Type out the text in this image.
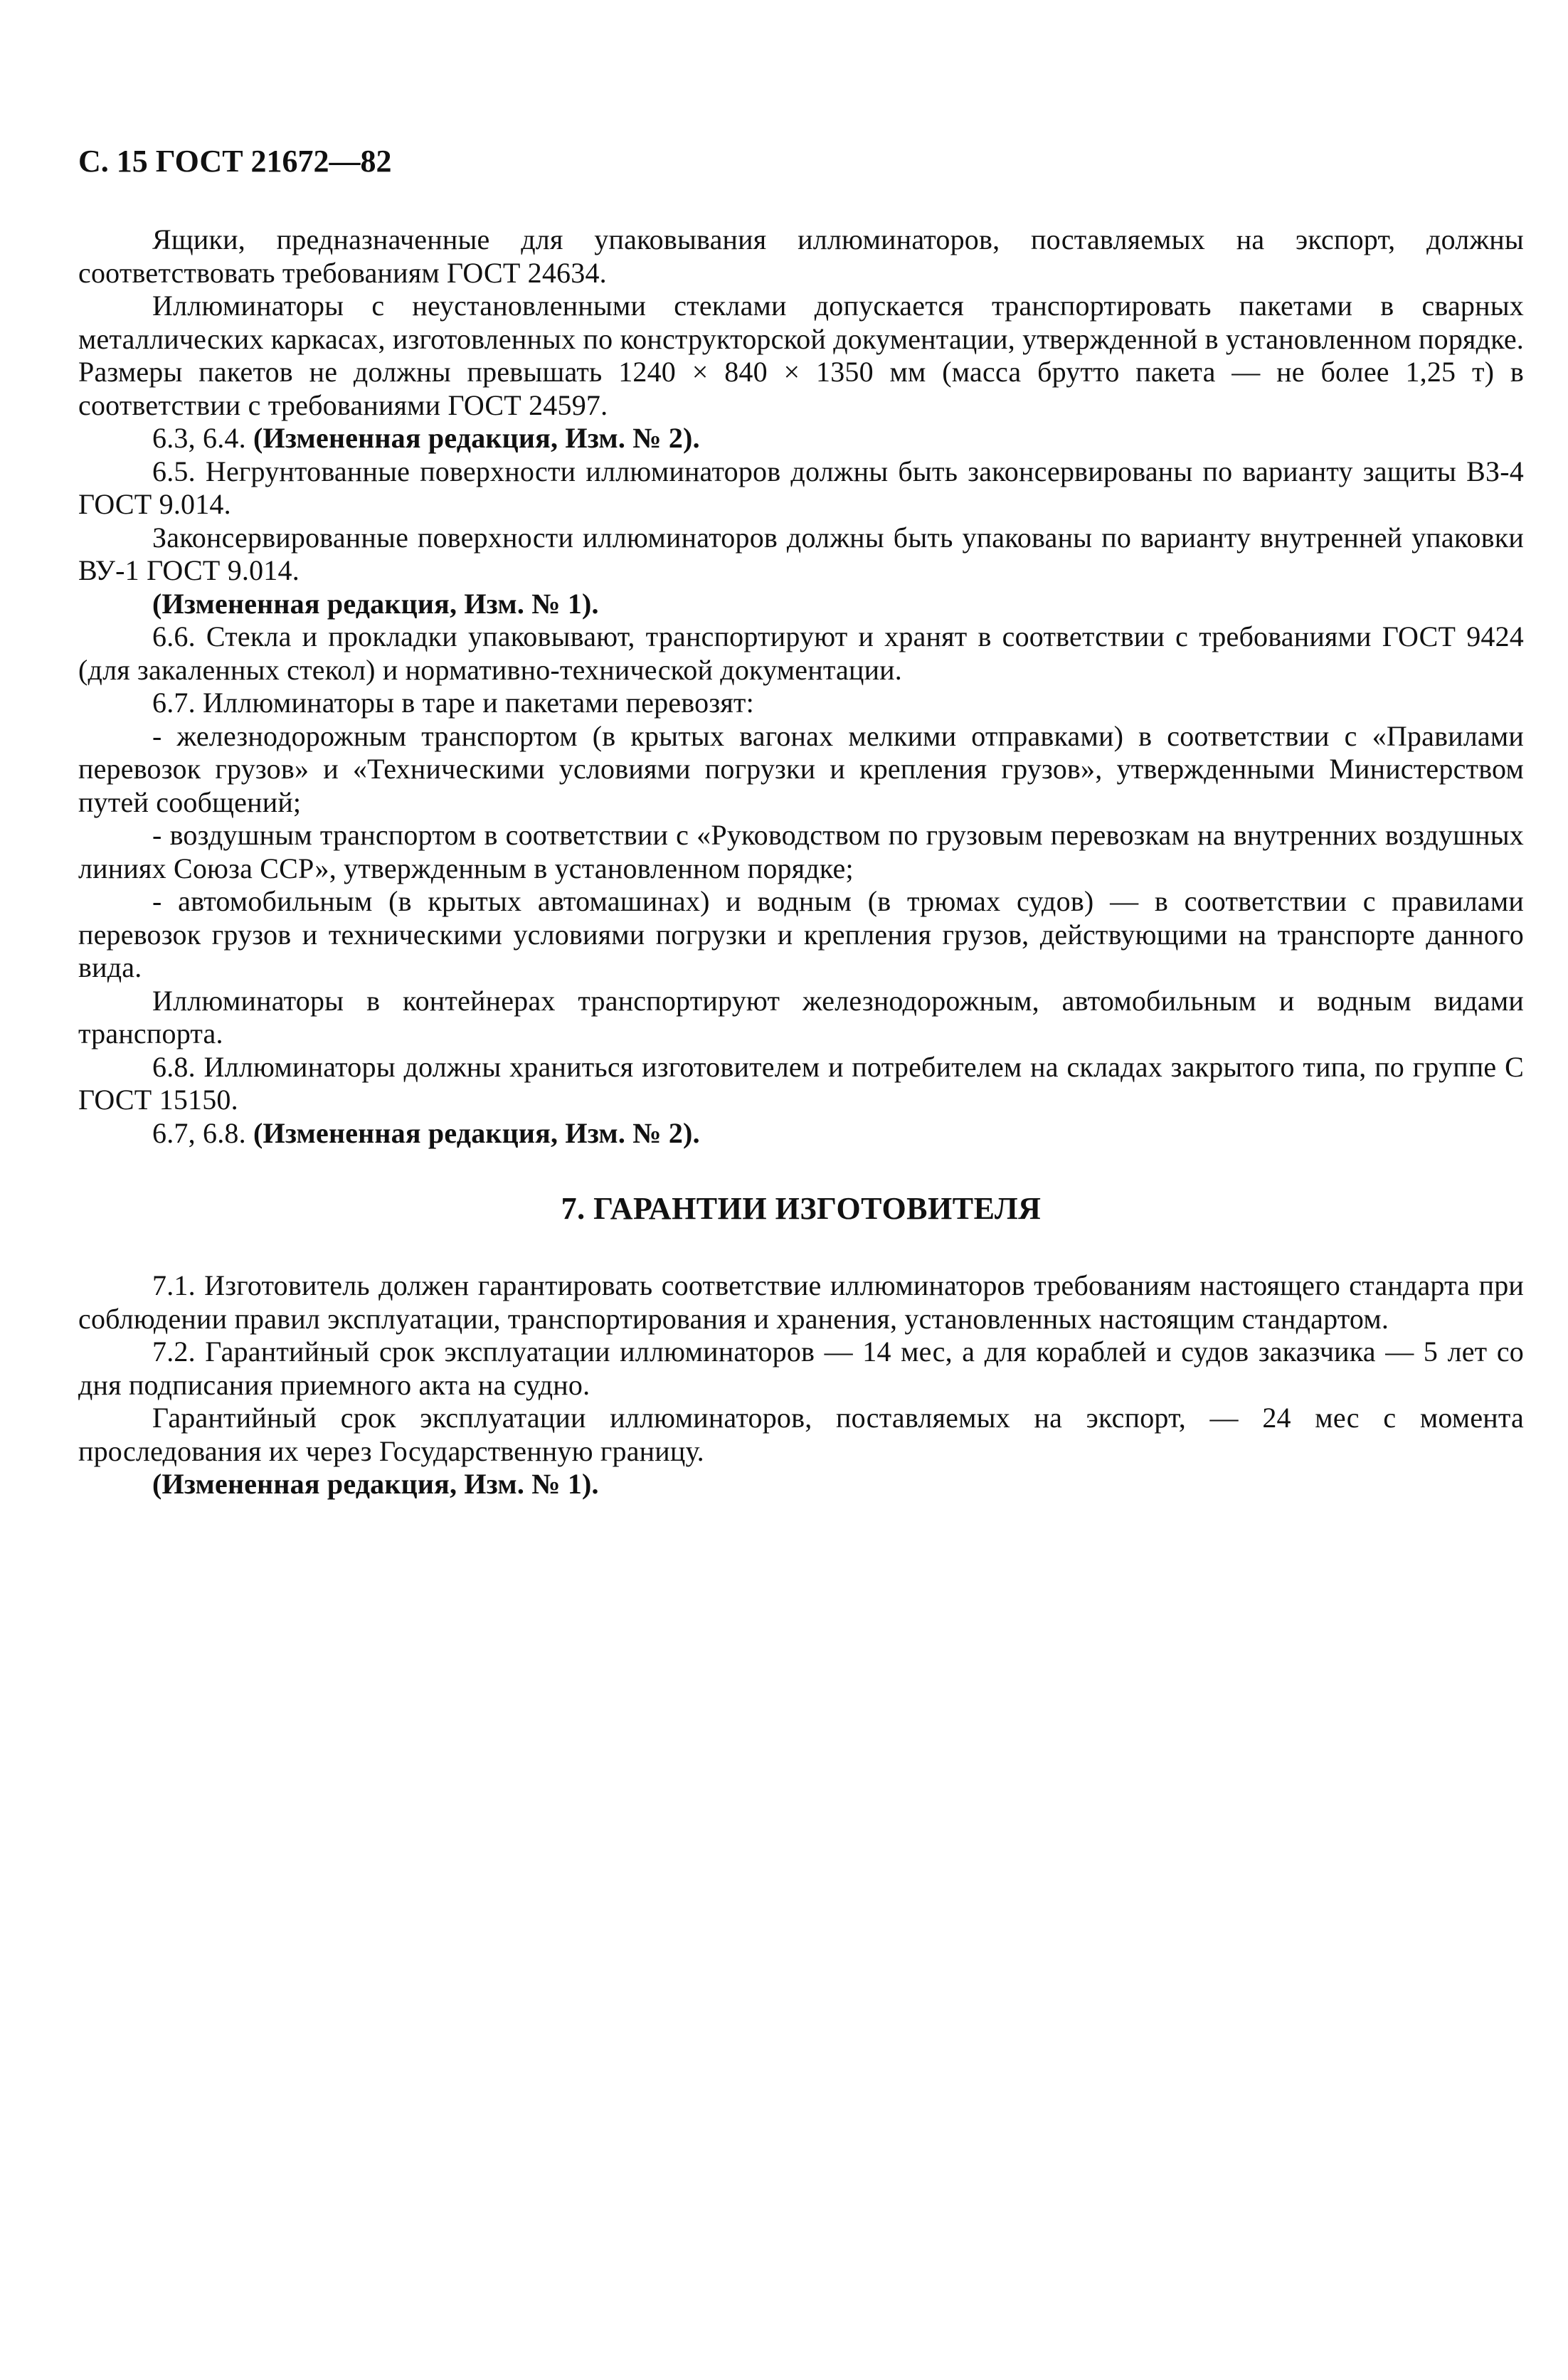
С. 15 ГОСТ 21672—82

Ящики, предназначенные для упаковывания иллюминаторов, поставляемых на экспорт, должны соответствовать требованиям ГОСТ 24634.

Иллюминаторы с неустановленными стеклами допускается транспортировать пакетами в сварных металлических каркасах, изготовленных по конструкторской документации, утвержденной в установленном порядке. Размеры пакетов не должны превышать 1240 × 840 × 1350 мм (масса брутто пакета — не более 1,25 т) в соответствии с требованиями ГОСТ 24597.

6.3, 6.4. (Измененная редакция, Изм. № 2).

6.5. Негрунтованные поверхности иллюминаторов должны быть законсервированы по варианту защиты ВЗ-4 ГОСТ 9.014.

Законсервированные поверхности иллюминаторов должны быть упакованы по варианту внутренней упаковки ВУ-1 ГОСТ 9.014.

(Измененная редакция, Изм. № 1).

6.6. Стекла и прокладки упаковывают, транспортируют и хранят в соответствии с требованиями ГОСТ 9424 (для закаленных стекол) и нормативно-технической документации.

6.7. Иллюминаторы в таре и пакетами перевозят:

- железнодорожным транспортом (в крытых вагонах мелкими отправками) в соответствии с «Правилами перевозок грузов» и «Техническими условиями погрузки и крепления грузов», утвержденными Министерством путей сообщений;

- воздушным транспортом в соответствии с «Руководством по грузовым перевозкам на внутренних воздушных линиях Союза ССР», утвержденным в установленном порядке;

- автомобильным (в крытых автомашинах) и водным (в трюмах судов) — в соответствии с правилами перевозок грузов и техническими условиями погрузки и крепления грузов, действующими на транспорте данного вида.

Иллюминаторы в контейнерах транспортируют железнодорожным, автомобильным и водным видами транспорта.

6.8. Иллюминаторы должны храниться изготовителем и потребителем на складах закрытого типа, по группе С ГОСТ 15150.

6.7, 6.8. (Измененная редакция, Изм. № 2).

7. ГАРАНТИИ ИЗГОТОВИТЕЛЯ

7.1. Изготовитель должен гарантировать соответствие иллюминаторов требованиям настоящего стандарта при соблюдении правил эксплуатации, транспортирования и хранения, установленных настоящим стандартом.

7.2. Гарантийный срок эксплуатации иллюминаторов — 14 мес, а для кораблей и судов заказчика — 5 лет со дня подписания приемного акта на судно.

Гарантийный срок эксплуатации иллюминаторов, поставляемых на экспорт, — 24 мес с момента проследования их через Государственную границу.

(Измененная редакция, Изм. № 1).
